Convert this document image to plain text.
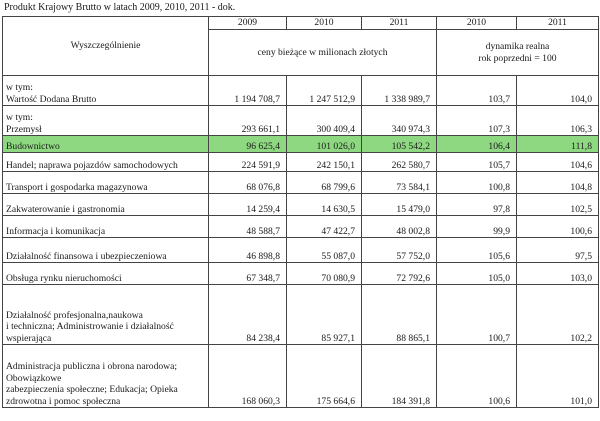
Produkt Krajowy Brutto w latach 2009, 2010, 2011 - dok.
Wyszczególnienie	2009	2010	2011	2010	2011
	ceny bieżące w milionach złotych			dynamika realna
rok poprzedni = 100	

w tym:
Wartość Dodana Brutto	1 194 708,7	1 247 512,9	1 338 989,7	103,7	104,0

w tym:
Przemysł	293 661,1	300 409,4	340 974,3	107,3	106,3
Budownictwo	96 625,4	101 026,0	105 542,2	106,4	111,8
Handel; naprawa pojazdów samochodowych	224 591,9	242 150,1	262 580,7	105,7	104,6
Transport i gospodarka magazynowa	68 076,8	68 799,6	73 584,1	100,8	104,8
Zakwaterowanie i gastronomia	14 259,4	14 630,5	15 479,0	97,8	102,5
Informacja i komunikacja	48 588,7	47 422,7	48 002,8	99,9	100,6
Działalność finansowa i ubezpieczeniowa	46 898,8	55 087,0	57 752,0	105,6	97,5
Obsługa rynku nieruchomości	67 348,7	70 080,9	72 792,6	105,0	103,0

Działalność profesjonalna,naukowa
i techniczna; Administrowanie i działalność
wspierająca	84 238,4	85 927,1	88 865,1	100,7	102,2

Administracja publiczna i obrona narodowa;
Obowiązkowe
zabezpieczenia społeczne; Edukacja; Opieka
zdrowotna i pomoc społeczna	168 060,3	175 664,6	184 391,8	100,6	101,0
